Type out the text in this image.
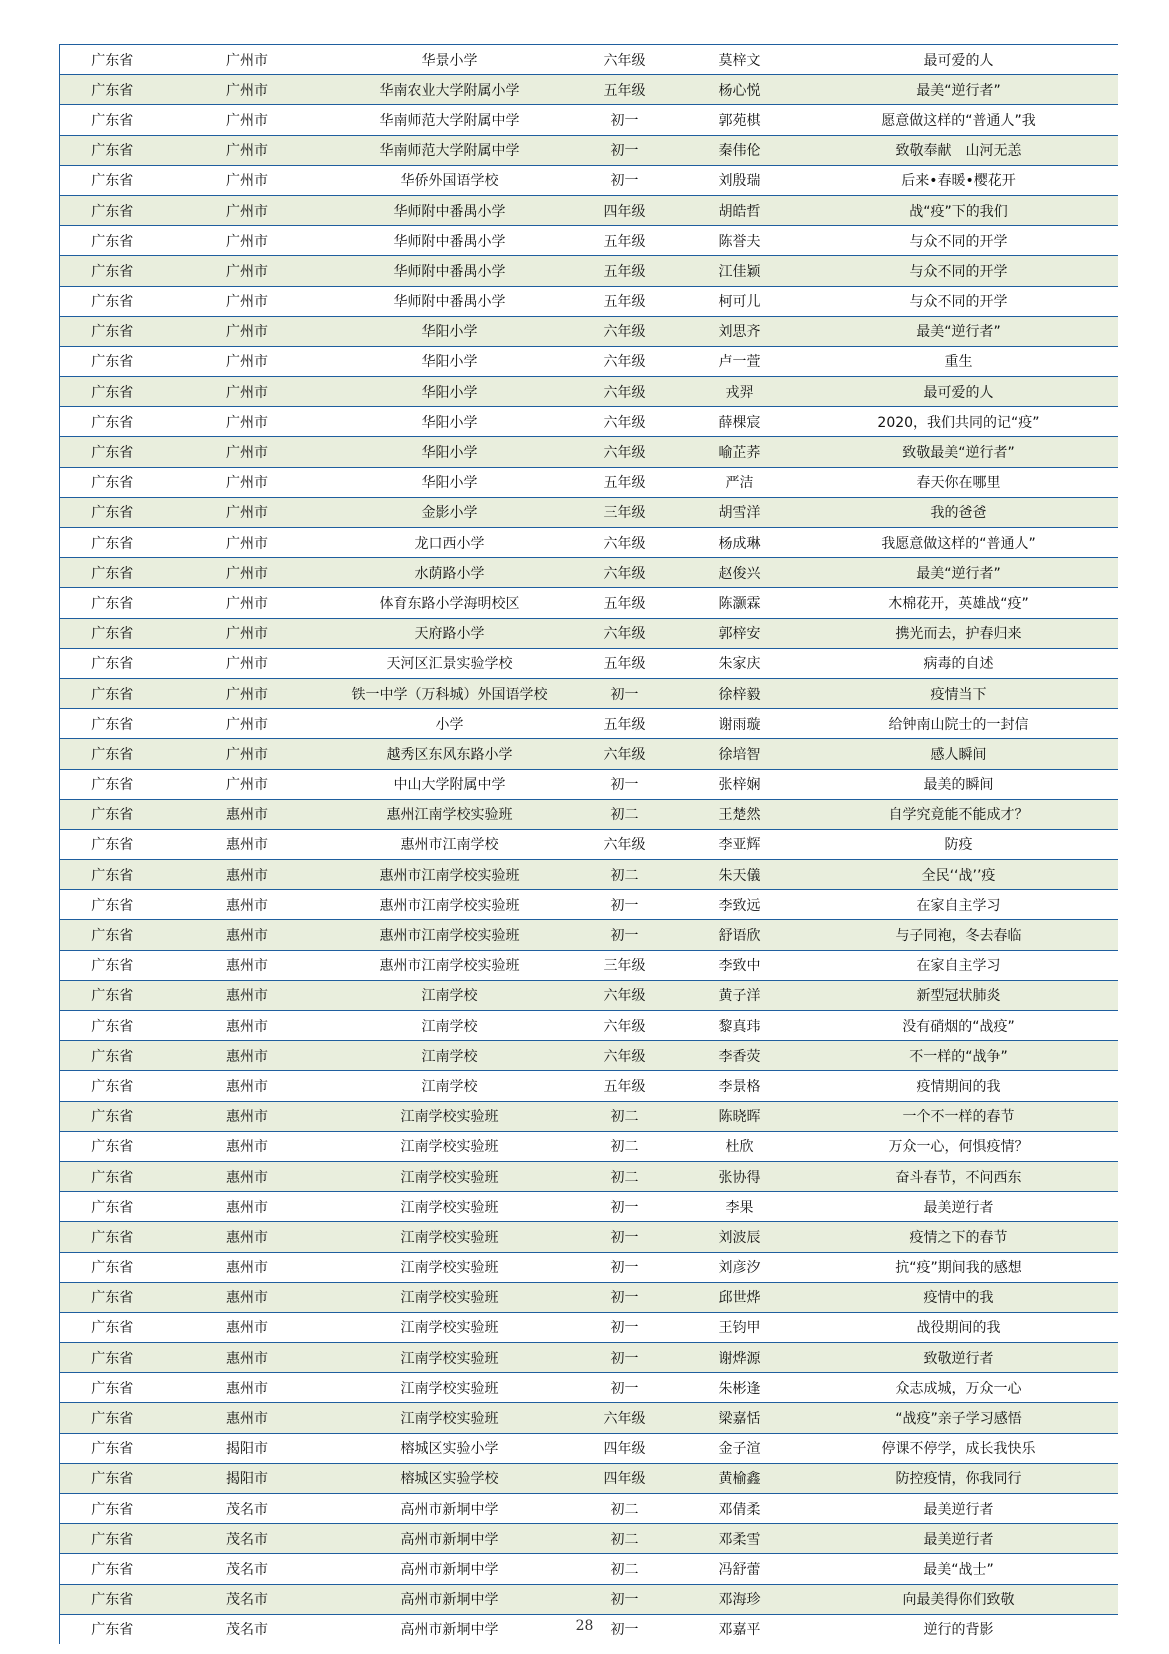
广东省	广州市	华景小学	六年级	莫梓文	最可爱的人
广东省	广州市	华南农业大学附属小学	五年级	杨心悦	最美“逆行者”
广东省	广州市	华南师范大学附属中学	初一	郭苑棋	愿意做这样的“普通人”我
广东省	广州市	华南师范大学附属中学	初一	秦伟伦	致敬奉献　山河无恙
广东省	广州市	华侨外国语学校	初一	刘殷瑞	后来•春暖•樱花开
广东省	广州市	华师附中番禺小学	四年级	胡皓哲	战“疫”下的我们
广东省	广州市	华师附中番禺小学	五年级	陈誉夫	与众不同的开学
广东省	广州市	华师附中番禺小学	五年级	江佳颖	与众不同的开学
广东省	广州市	华师附中番禺小学	五年级	柯可儿	与众不同的开学
广东省	广州市	华阳小学	六年级	刘思齐	最美“逆行者”
广东省	广州市	华阳小学	六年级	卢一萱	重生
广东省	广州市	华阳小学	六年级	戎羿	最可爱的人
广东省	广州市	华阳小学	六年级	薛棵宸	2020，我们共同的记“疫”
广东省	广州市	华阳小学	六年级	喻芷荞	致敬最美“逆行者”
广东省	广州市	华阳小学	五年级	严洁	春天你在哪里
广东省	广州市	金影小学	三年级	胡雪洋	我的爸爸
广东省	广州市	龙口西小学	六年级	杨成琳	我愿意做这样的“普通人”
广东省	广州市	水荫路小学	六年级	赵俊兴	最美“逆行者”
广东省	广州市	体育东路小学海明校区	五年级	陈灏霖	木棉花开，英雄战“疫”
广东省	广州市	天府路小学	六年级	郭梓安	携光而去，护春归来
广东省	广州市	天河区汇景实验学校	五年级	朱家庆	病毒的自述
广东省	广州市	铁一中学（万科城）外国语学校	初一	徐梓毅	疫情当下
广东省	广州市	小学	五年级	谢雨璇	给钟南山院士的一封信
广东省	广州市	越秀区东风东路小学	六年级	徐培智	感人瞬间
广东省	广州市	中山大学附属中学	初一	张梓娴	最美的瞬间
广东省	惠州市	惠州江南学校实验班	初二	王楚然	自学究竟能不能成才？
广东省	惠州市	惠州市江南学校	六年级	李亚辉	防疫
广东省	惠州市	惠州市江南学校实验班	初二	朱天儀	全民‘‘战’’疫
广东省	惠州市	惠州市江南学校实验班	初一	李致远	在家自主学习
广东省	惠州市	惠州市江南学校实验班	初一	舒语欣	与子同袍，冬去春临
广东省	惠州市	惠州市江南学校实验班	三年级	李致中	在家自主学习
广东省	惠州市	江南学校	六年级	黄子洋	新型冠状肺炎
广东省	惠州市	江南学校	六年级	黎真玮	没有硝烟的“战疫”
广东省	惠州市	江南学校	六年级	李香荧	不一样的“战争”
广东省	惠州市	江南学校	五年级	李景格	疫情期间的我
广东省	惠州市	江南学校实验班	初二	陈晓晖	一个不一样的春节
广东省	惠州市	江南学校实验班	初二	杜欣	万众一心，何惧疫情？
广东省	惠州市	江南学校实验班	初二	张协得	奋斗春节，不问西东
广东省	惠州市	江南学校实验班	初一	李果	最美逆行者
广东省	惠州市	江南学校实验班	初一	刘波辰	疫情之下的春节
广东省	惠州市	江南学校实验班	初一	刘彦汐	抗“疫”期间我的感想
广东省	惠州市	江南学校实验班	初一	邱世烨	疫情中的我
广东省	惠州市	江南学校实验班	初一	王钧甲	战役期间的我
广东省	惠州市	江南学校实验班	初一	谢烨源	致敬逆行者
广东省	惠州市	江南学校实验班	初一	朱彬逢	众志成城，万众一心
广东省	惠州市	江南学校实验班	六年级	梁嘉恬	“战疫”亲子学习感悟
广东省	揭阳市	榕城区实验小学	四年级	金子渲	停课不停学，成长我快乐
广东省	揭阳市	榕城区实验学校	四年级	黄榆鑫	防控疫情，你我同行
广东省	茂名市	高州市新垌中学	初二	邓倩柔	最美逆行者
广东省	茂名市	高州市新垌中学	初二	邓柔雪	最美逆行者
广东省	茂名市	高州市新垌中学	初二	冯舒蕾	最美“战士”
广东省	茂名市	高州市新垌中学	初一	邓海珍	向最美得你们致敬
广东省	茂名市	高州市新垌中学	初一	邓嘉平	逆行的背影
28
